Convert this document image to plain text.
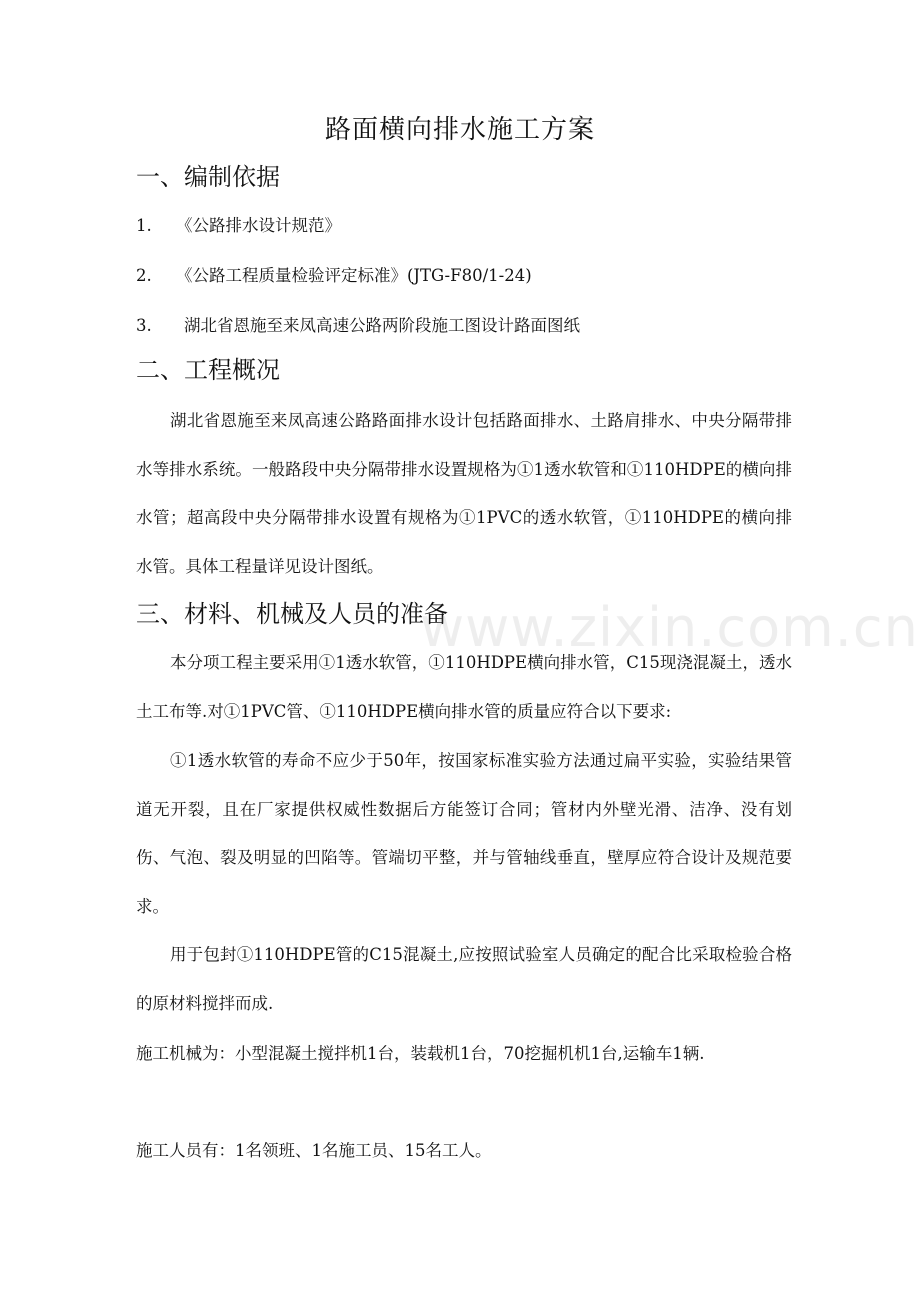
路面横向排水施工方案
一、编制依据
1. 《公路排水设计规范》
2. 《公路工程质量检验评定标准》(JTG-F80/1-24)
3. 湖北省恩施至来凤高速公路两阶段施工图设计路面图纸
二、工程概况
湖北省恩施至来凤高速公路路面排水设计包括路面排水、土路肩排水、中央分隔带排水等排水系统。一般路段中央分隔带排水设置规格为①1透水软管和①110HDPE的横向排水管；超高段中央分隔带排水设置有规格为①1PVC的透水软管，①110HDPE的横向排水管。具体工程量详见设计图纸。
三、材料、机械及人员的准备
本分项工程主要采用①1透水软管，①110HDPE横向排水管，C15现浇混凝土，透水土工布等.对①1PVC管、①110HDPE横向排水管的质量应符合以下要求:
①1透水软管的寿命不应少于50年，按国家标准实验方法通过扁平实验，实验结果管道无开裂，且在厂家提供权威性数据后方能签订合同；管材内外壁光滑、洁净、没有划伤、气泡、裂及明显的凹陷等。管端切平整，并与管轴线垂直，壁厚应符合设计及规范要求。
用于包封①110HDPE管的C15混凝土,应按照试验室人员确定的配合比采取检验合格的原材料搅拌而成.
施工机械为：小型混凝土搅拌机1台，装载机1台，70挖掘机机1台,运输车1辆.
施工人员有：1名领班、1名施工员、15名工人。
www.zixin.com.cn
